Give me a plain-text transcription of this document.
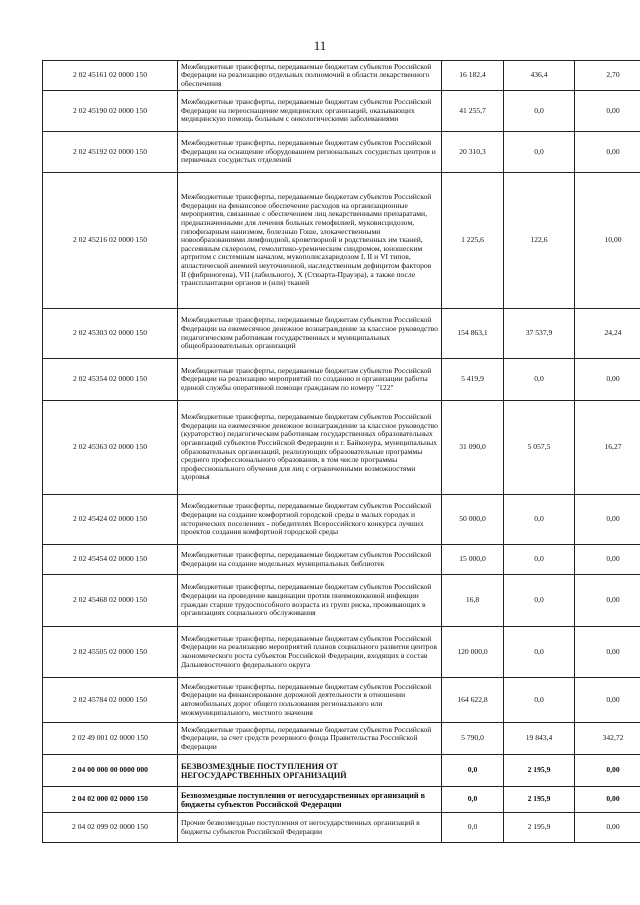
11
2 02 45161 02 0000 150	Межбюджетные трансферты, передаваемые бюджетам субъектов Российской Федерации на реализацию отдельных полномочий в области лекарственного обеспечения	16 182,4	436,4	2,70
2 02 45190 02 0000 150	Межбюджетные трансферты, передаваемые бюджетам субъектов Российской Федерации на переоснащение медицинских организаций, оказывающих медицинскую помощь больным с онкологическими заболеваниями	41 255,7	0,0	0,00
2 02 45192 02 0000 150	Межбюджетные трансферты, передаваемые бюджетам субъектов Российской Федерации на оснащение оборудованием региональных сосудистых центров и первичных сосудистых отделений	20 310,3	0,0	0,00
2 02 45216 02 0000 150	Межбюджетные трансферты, передаваемые бюджетам субъектов Российской Федерации на финансовое обеспечение расходов на организационные мероприятия, связанные с обеспечением лиц лекарственными препаратами, предназначенными для лечения больных гемофилией, муковисцидозом, гипофизарным нанизмом, болезнью Гоше, злокачественными новообразованиями лимфоидной, кроветворной и родственных им тканей, рассеянным склерозом, гемолитико-уремическим синдромом, юношеским артритом с системным началом, мукополисахаридозом I, II и VI типов, апластической анемией неуточненной, наследственным дефицитом факторов II (фибриногена), VII (лабильного), X (Стюарта-Прауэра), а также после трансплантации органов и (или) тканей	1 225,6	122,6	10,00
2 02 45303 02 0000 150	Межбюджетные трансферты, передаваемые бюджетам субъектов Российской Федерации на ежемесячное денежное вознаграждение за классное руководство педагогическим работникам государственных и муниципальных общеобразовательных организаций	154 863,1	37 537,9	24,24
2 02 45354 02 0000 150	Межбюджетные трансферты, передаваемые бюджетам субъектов Российской Федерации на реализацию мероприятий по созданию и организации работы единой службы оперативной помощи гражданам по номеру "122"	5 419,9	0,0	0,00
2 02 45363 02 0000 150	Межбюджетные трансферты, передаваемые бюджетам субъектов Российской Федерации на ежемесячное денежное вознаграждение за классное руководство (кураторство) педагогическим работникам государственных образовательных организаций субъектов Российской Федерации и г. Байконура, муниципальных образовательных организаций, реализующих образовательные программы среднего профессионального образования, в том числе программы профессионального обучения для лиц с ограниченными возможностями здоровья	31 090,0	5 057,5	16,27
2 02 45424 02 0000 150	Межбюджетные трансферты, передаваемые бюджетам субъектов Российской Федерации на создание комфортной городской среды в малых городах и исторических поселениях - победителях Всероссийского конкурса лучших проектов создания комфортной городской среды	50 000,0	0,0	0,00
2 02 45454 02 0000 150	Межбюджетные трансферты, передаваемые бюджетам субъектов Российской Федерации на создание модельных муниципальных библиотек	15 000,0	0,0	0,00
2 02 45468 02 0000 150	Межбюджетные трансферты, передаваемые бюджетам субъектов Российской Федерации на проведение вакцинации против пневмококковой инфекции граждан старше трудоспособного возраста из групп риска, проживающих в организациях социального обслуживания	16,8	0,0	0,00
2 02 45505 02 0000 150	Межбюджетные трансферты, передаваемые бюджетам субъектов Российской Федерации на реализацию мероприятий планов социального развития центров экономического роста субъектов Российской Федерации, входящих в состав Дальневосточного федерального округа	120 000,0	0,0	0,00
2 02 45784 02 0000 150	Межбюджетные трансферты, передаваемые бюджетам субъектов Российской Федерации на финансирование дорожной деятельности в отношении автомобильных дорог общего пользования регионального или межмуниципального, местного значения	164 622,8	0,0	0,00
2 02 49 001 02 0000 150	Межбюджетные трансферты, передаваемые бюджетам субъектов Российской Федерации, за счет средств резервного фонда Правительства Российской Федерации	5 790,0	19 843,4	342,72
2 04 00 000 00 0000 000	БЕЗВОЗМЕЗДНЫЕ ПОСТУПЛЕНИЯ ОТ НЕГОСУДАРСТВЕННЫХ ОРГАНИЗАЦИЙ	0,0	2 195,9	0,00
2 04 02 000 02 0000 150	Безвозмездные поступления от негосударственных организаций в бюджеты субъектов Российской Федерации	0,0	2 195,9	0,00
2 04 02 099 02 0000 150	Прочие безвозмездные поступления от негосударственных организаций в бюджеты субъектов Российской Федерации	0,0	2 195,9	0,00
